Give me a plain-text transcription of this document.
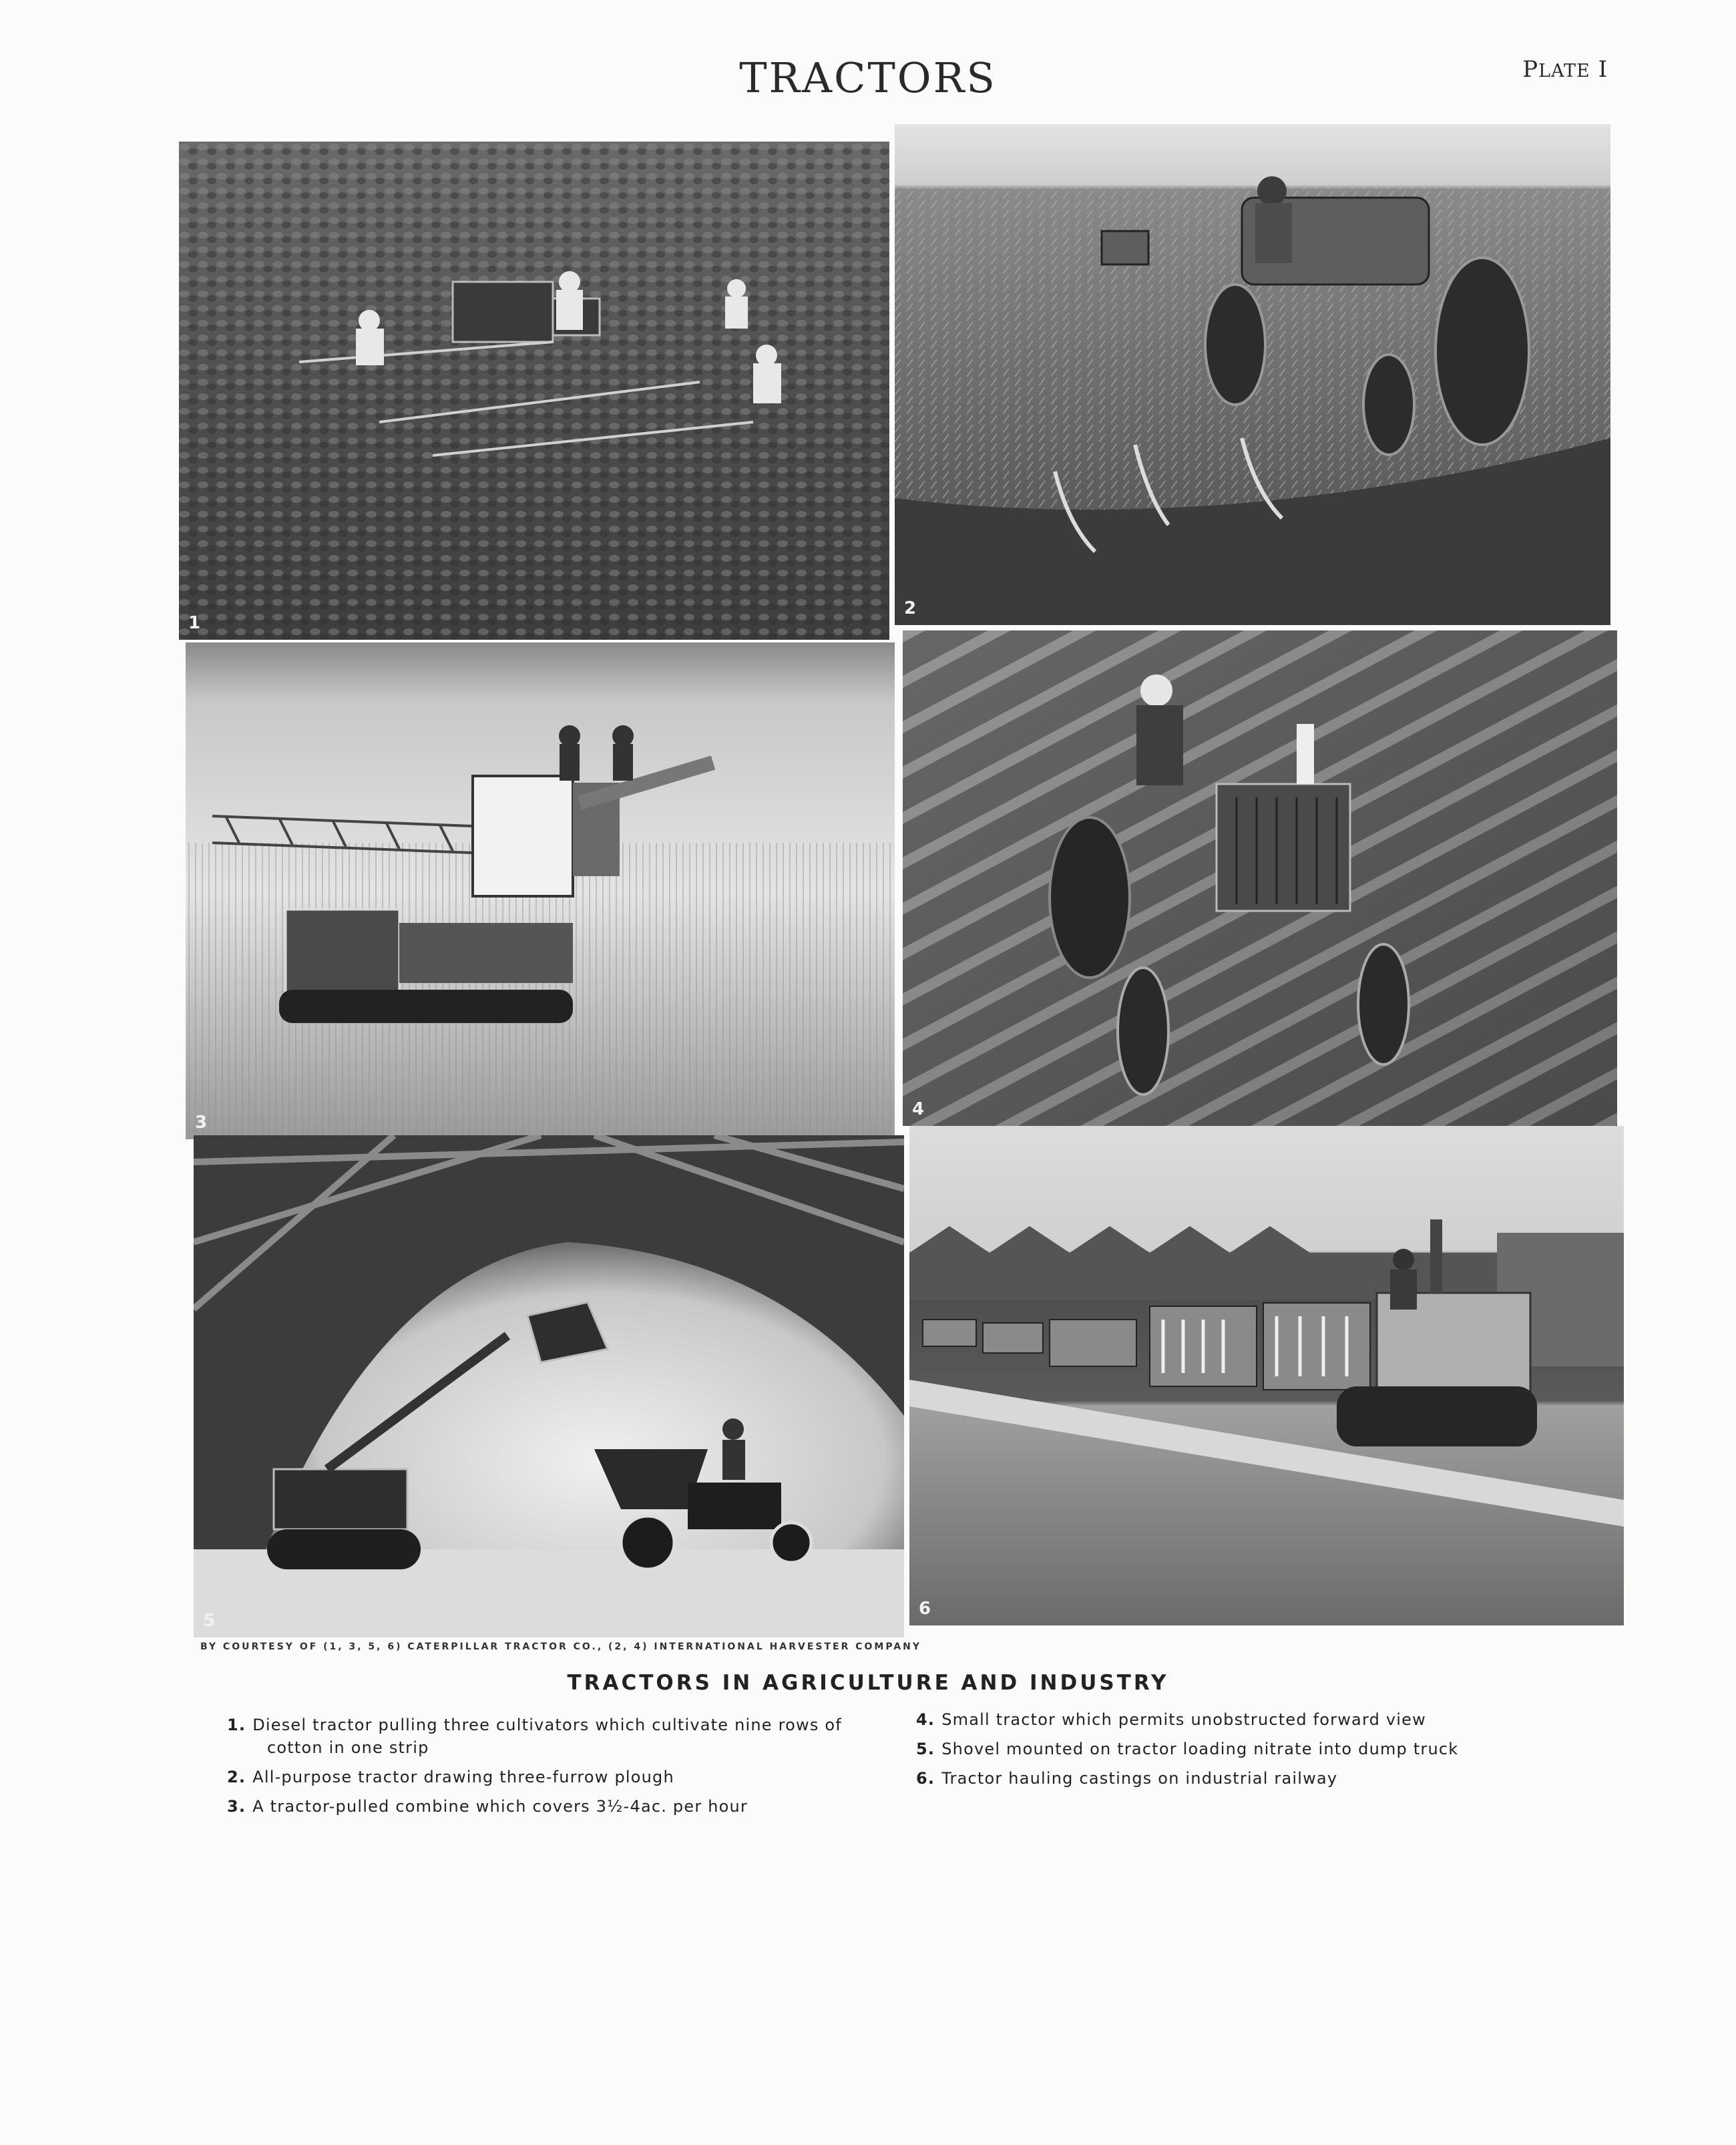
TRACTORS	PLATE I
1
2
3
4
5
6
BY COURTESY OF (1, 3, 5, 6) CATERPILLAR TRACTOR CO., (2, 4) INTERNATIONAL HARVESTER COMPANY
TRACTORS IN AGRICULTURE AND INDUSTRY
1. Diesel tractor pulling three cultivators which cultivate nine rows of
cotton in one strip
2. All-purpose tractor drawing three-furrow plough
3. A tractor-pulled combine which covers 3½-4ac. per hour
4. Small tractor which permits unobstructed forward view
5. Shovel mounted on tractor loading nitrate into dump truck
6. Tractor hauling castings on industrial railway
